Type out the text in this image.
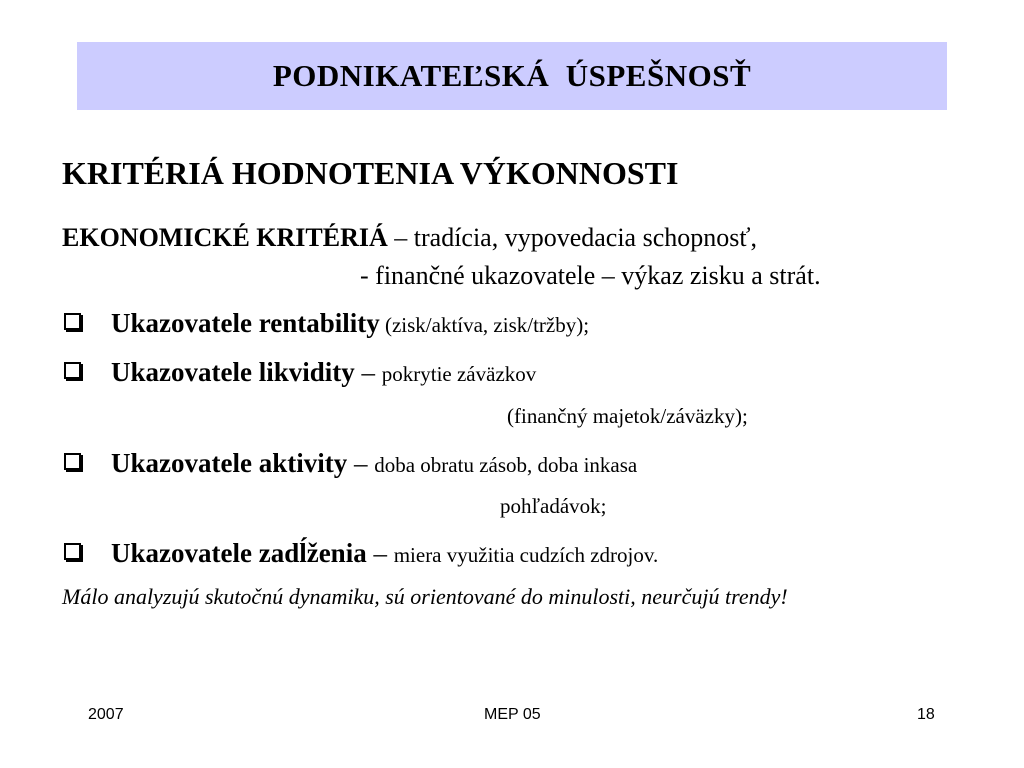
PODNIKATEĽSKÁ  ÚSPEŠNOSŤ
KRITÉRIÁ HODNOTENIA VÝKONNOSTI
EKONOMICKÉ KRITÉRIÁ – tradícia, vypovedacia schopnosť,
- finančné ukazovatele – výkaz zisku a strát.
Ukazovatele rentability (zisk/aktíva, zisk/tržby);
Ukazovatele likvidity – pokrytie záväzkov
(finančný majetok/záväzky);
Ukazovatele aktivity – doba obratu zásob, doba inkasa
pohľadávok;
Ukazovatele zadĺženia – miera využitia cudzích zdrojov.
Málo analyzujú skutočnú dynamiku, sú orientované do minulosti, neurčujú trendy!
2007	MEP 05	18
